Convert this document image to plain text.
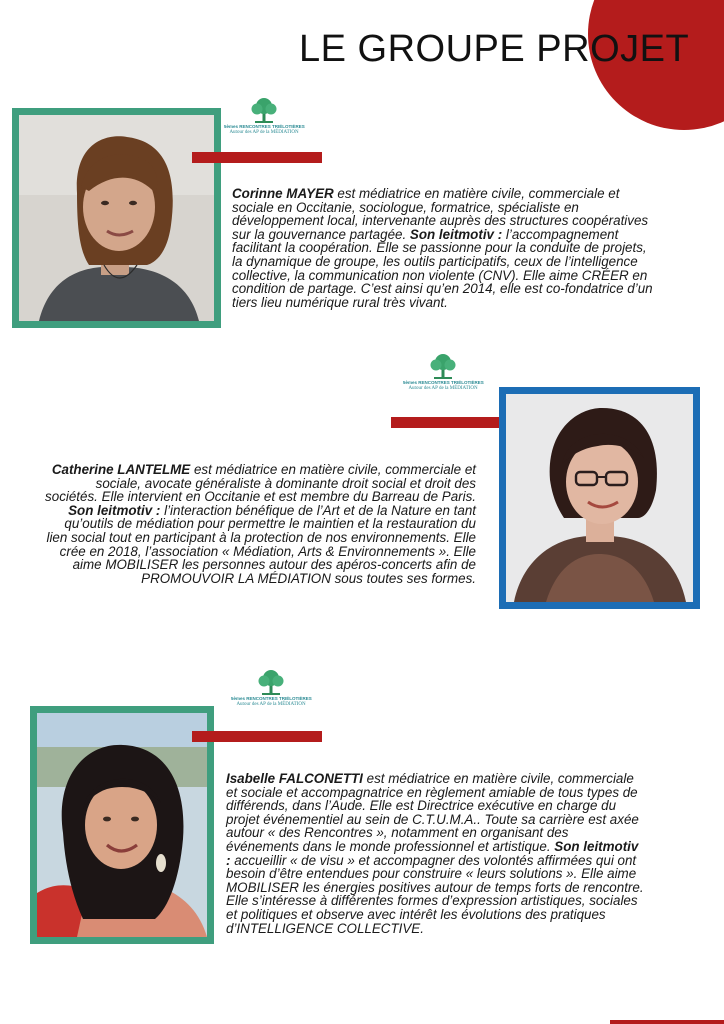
LE GROUPE PROJET
5èmes RENCONTRES TRIÉLOTIÈRES
Autour des AP de la MÉDIATION

Corinne MAYER est médiatrice en matière civile, commerciale et sociale en Occitanie, sociologue, formatrice, spécialiste en développement local, intervenante auprès des structures coopératives sur la gouvernance partagée. Son leitmotiv : l’accompagnement facilitant la coopération. Elle se passionne pour la conduite de projets, la dynamique de groupe, les outils participatifs, ceux de l’intelligence collective, la communication non violente (CNV). Elle aime CRÉER en condition de partage. C’est ainsi qu’en 2014, elle est co-fondatrice d’un tiers lieu numérique rural très vivant.

5èmes RENCONTRES TRIÉLOTIÈRES
Autour des AP de la MÉDIATION

Catherine LANTELME est médiatrice en matière civile, commerciale et sociale, avocate généraliste à dominante droit social et droit des sociétés. Elle intervient en Occitanie et est membre du Barreau de Paris. Son leitmotiv : l’interaction bénéfique de l’Art et de la Nature en tant qu’outils de médiation pour permettre le maintien et la restauration du lien social tout en participant à la protection de nos environnements. Elle crée en 2018, l’association « Médiation, Arts & Environnements ». Elle aime MOBILISER les personnes autour des apéros-concerts afin de PROMOUVOIR LA MÉDIATION sous toutes ses formes.

5èmes RENCONTRES TRIÉLOTIÈRES
Autour des AP de la MÉDIATION

Isabelle FALCONETTI est médiatrice en matière civile, commerciale et sociale et accompagnatrice en règlement amiable de tous types de différends, dans l’Aude. Elle est Directrice exécutive en charge du projet événementiel au sein de C.T.U.M.A.. Toute sa carrière est axée autour « des Rencontres », notamment en organisant des événements dans le monde professionnel et artistique. Son leitmotiv : accueillir « de visu » et accompagner des volontés affirmées qui ont besoin d’être entendues pour construire « leurs solutions ». Elle aime MOBILISER les énergies positives autour de temps forts de rencontre. Elle s’intéresse à différentes formes d’expression artistiques, sociales et politiques et observe avec intérêt les évolutions des pratiques d’INTELLIGENCE COLLECTIVE.
